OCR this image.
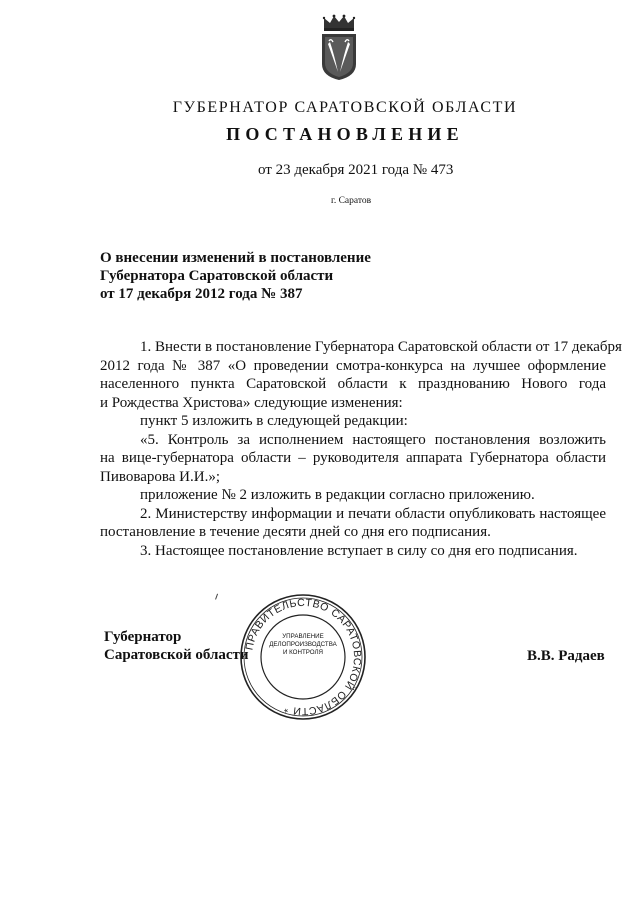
ГУБЕРНАТОР САРАТОВСКОЙ ОБЛАСТИ
ПОСТАНОВЛЕНИЕ
от 23 декабря 2021 года № 473
г. Саратов
О внесении изменений в постановление
Губернатора Саратовской области
от 17 декабря 2012 года № 387
1. Внести в постановление Губернатора Саратовской области от 17 декабря
2012 года № 387 «О проведении смотра-конкурса на лучшее оформление
населенного пункта Саратовской области к празднованию Нового года
и Рождества Христова» следующие изменения:
пункт 5 изложить в следующей редакции:
«5. Контроль за исполнением настоящего постановления возложить
на вице-губернатора области – руководителя аппарата Губернатора области
Пивоварова И.И.»;
приложение № 2 изложить в редакции согласно приложению.
2. Министерству информации и печати области опубликовать настоящее
постановление в течение десяти дней со дня его подписания.
3. Настоящее постановление вступает в силу со дня его подписания.
ПРАВИТЕЛЬСТВО САРАТОВСКОЙ ОБЛАСТИ *
УПРАВЛЕНИЕ
ДЕЛОПРОИЗВОДСТВА
И КОНТРОЛЯ
Губернатор
Саратовской области	В.В. Радаев
